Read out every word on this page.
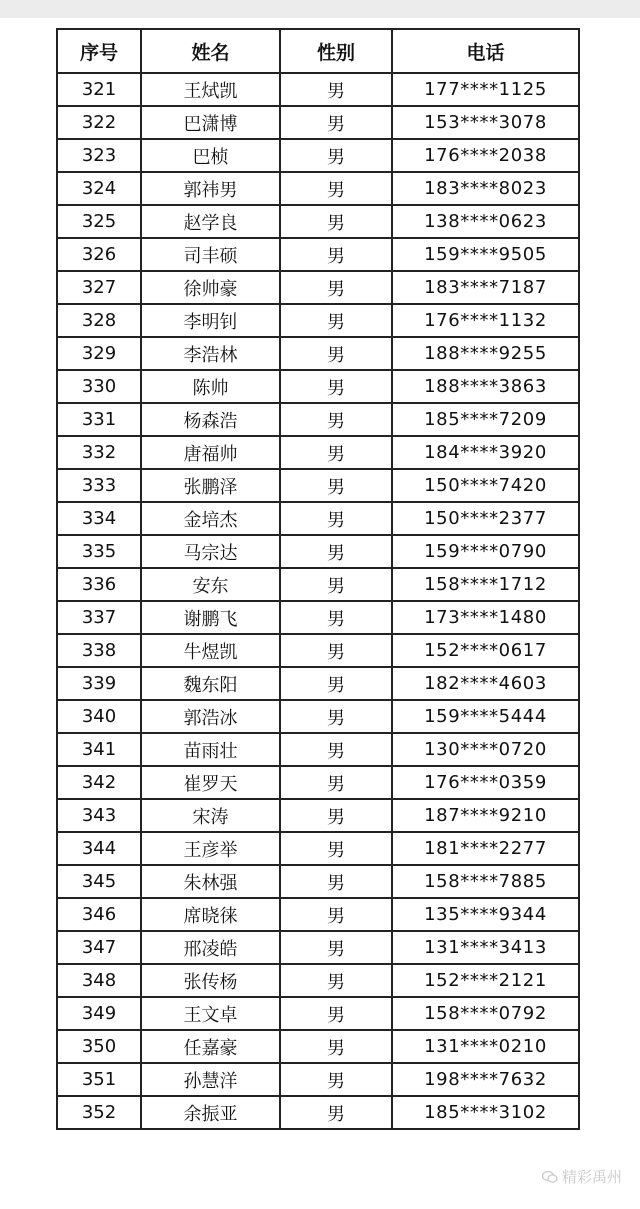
序号	姓名	性别	电话
321	王烒凯	男	177****1125
322	巴潇博	男	153****3078
323	巴桢	男	176****2038
324	郭祎男	男	183****8023
325	赵学良	男	138****0623
326	司丰硕	男	159****9505
327	徐帅豪	男	183****7187
328	李明钊	男	176****1132
329	李浩林	男	188****9255
330	陈帅	男	188****3863
331	杨森浩	男	185****7209
332	唐福帅	男	184****3920
333	张鹏泽	男	150****7420
334	金培杰	男	150****2377
335	马宗达	男	159****0790
336	安东	男	158****1712
337	谢鹏飞	男	173****1480
338	牛煜凯	男	152****0617
339	魏东阳	男	182****4603
340	郭浩冰	男	159****5444
341	苗雨壮	男	130****0720
342	崔罗天	男	176****0359
343	宋涛	男	187****9210
344	王彦举	男	181****2277
345	朱林强	男	158****7885
346	席晓徕	男	135****9344
347	邢凌皓	男	131****3413
348	张传杨	男	152****2121
349	王文卓	男	158****0792
350	任嘉豪	男	131****0210
351	孙慧洋	男	198****7632
352	余振亚	男	185****3102
精彩禹州
